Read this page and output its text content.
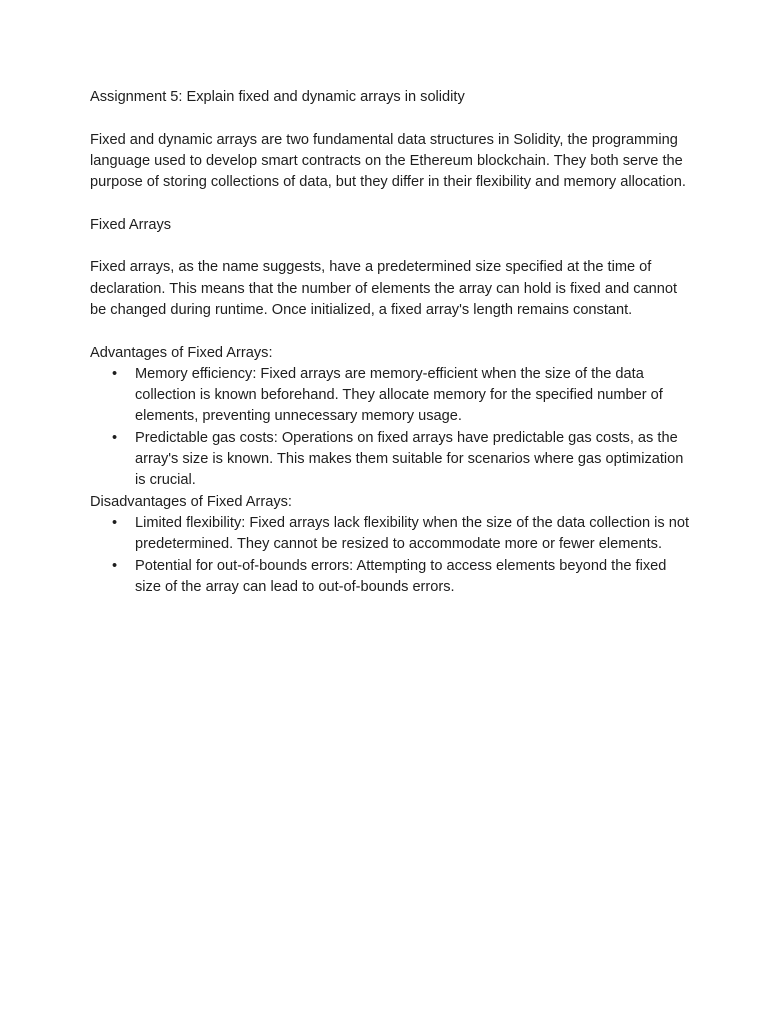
Assignment 5: Explain fixed and dynamic arrays in solidity

Fixed and dynamic arrays are two fundamental data structures in Solidity, the programming language used to develop smart contracts on the Ethereum blockchain. They both serve the purpose of storing collections of data, but they differ in their flexibility and memory allocation.

Fixed Arrays

Fixed arrays, as the name suggests, have a predetermined size specified at the time of declaration. This means that the number of elements the array can hold is fixed and cannot be changed during runtime. Once initialized, a fixed array's length remains constant.

Advantages of Fixed Arrays:

• Memory efficiency: Fixed arrays are memory-efficient when the size of the data collection is known beforehand. They allocate memory for the specified number of elements, preventing unnecessary memory usage.
• Predictable gas costs: Operations on fixed arrays have predictable gas costs, as the array's size is known. This makes them suitable for scenarios where gas optimization is crucial.

Disadvantages of Fixed Arrays:

• Limited flexibility: Fixed arrays lack flexibility when the size of the data collection is not predetermined. They cannot be resized to accommodate more or fewer elements.
• Potential for out-of-bounds errors: Attempting to access elements beyond the fixed size of the array can lead to out-of-bounds errors.
